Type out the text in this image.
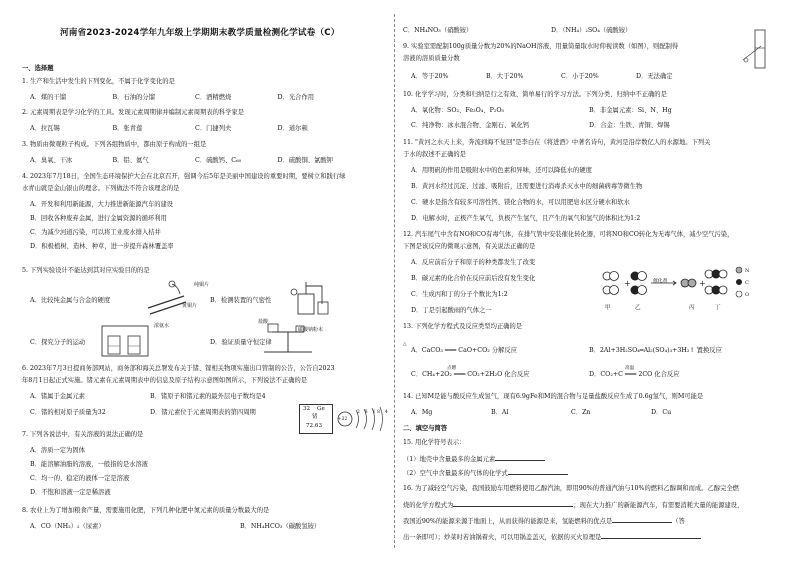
河南省2023-2024学年九年级上学期期末教学质量检测化学试卷（C）
一、选择题
1. 生产和生活中发生的下列变化，不属于化学变化的是
A．煤的干馏	B．石油的分馏	C．酒精燃烧	D．光合作用
2. 元素周期表是学习化学的工具。发现元素周期律并编制元素周期表的科学家是
A．拉瓦锡	B．张青莲	C．门捷列夫	D．道尔顿
3. 物质由微观粒子构成。下列各组物质中，都由原子构成的一组是
A．臭氧、干冰	B．铝、氦气	C．硫酸钙、C₆₀	D．硫酸铜、氯酸钾
4. 2023年7月18日，全国生态环境保护大会在北京召开，强调今后5年是美丽中国建设的重要时期，要树立和践行绿
水青山就是金山银山的理念。下列做法不符合该理念的是
A．开发和利用新能源，大力推进新能源汽车的建设
B．回收各种废弃金属，进行金属资源的循环利用
C．为减少河道污染，可以将工业废水排入桔井
D．积极植树、造林、种草，进一步提升森林覆盖率
5. 下列实验设计不能达到其对应实验目的的是
纯铜片
黄铜片
A．比较纯金属与合金的硬度	B．检测装置的气密性
浓氨水
C．探究分子的运动
盐酸
碳酸钠粉末
D．验证质量守恒定律
6. 2023年7月3日提商务部网站，商务部和海关总署发布关于锗、镓相关物项实施出口管制的公告，公告自2023
年8月1日起正式实施。锗元素在元素周期表中的信息及原子结构示意图如图所示，下列说法不正确的是
A．锗属于金属元素	B．锗原子和锗元素的最外层电子数均是4
C．锗的相对原子质量为32	D．锗元素位于元素周期表的第四周期	32 Ge
锗
72.63
+32
2 8 18 4
7. 下列各说法中，有关溶液的说法正确的是
A．溶质一定为固体
B．能溶解油脂的溶液，一般指的是水溶液
C．均一的、稳定的液体一定是溶液
D．不饱和溶液一定是稀溶液
8. 农业上为了增加粮食产量，需要施用化肥，下列几种化肥中氮元素的质量分数最大的是
A．CO（NH₂）₂（尿素）	B．NH₄HCO₃（碳酸氢铵）
C．NH₄NO₃（硝酸铵）	D．（NH₄）₂SO₄（硫酸铵）
9. 实验室需配制100g质量分数为20%的NaOH溶液，用量筒量取水时仰视读数（如图），则配制得
溶液的溶质质量分数
A．等于20%	B．大于20%	C．小于20%	D．无法确定
10. 化学学习时，分类和归纳是行之有效、简单易行的学习方法。下列分类、归纳中不正确的是
A．氧化物：SO₂、Fe₃O₄、P₂O₅	B．非金属元素：Si、N、Hg
C．纯净物：冰水混合物、金刚石、氧化钙	D．合金：生铁、青铜、焊锡
11. "黄河之水天上来，奔流到海不复回"是李白在《将进酒》中著名诗句，黄河是沿岸数亿人的水源地。下列关
于水的叙述不正确的是
A．用明矾的作用是吸附水中的色素和异味，还可以降低水的硬度
B．黄河水经过沉淀、过滤、吸附后，还需要进行消毒杀灭水中的细菌病毒等微生物
C．硬水是指含有较多可溶性钙、镁化合物的水，可以用肥皂水区分硬水和软水
D．电解水时，正极产生氧气，负极产生氢气，且产生的氧气和氢气的体积比为1:2
12. 汽车尾气中含有NO和CO有毒气体，在排气管中安装催化转化器，可将NO和CO转化为无毒气体，减少空气污染，
下图是该反应的微观示意图，有关说法正确的是
A．反应前后分子和原子的种类都发生了改变
B．碳元素的化合价在反应前后没有发生变化
C．生成丙和丁的分子个数比为1:2
D．丁是引起酸雨的气体之一
+	+
催化剂
甲	乙	丙	丁
N
C
O
13. 下列化学方程式及反应类型均正确的是
△
A．CaCO₃ ═══ CaO+CO₂ 分解反应	B．2Al+3H₂SO₄═Al₂(SO₄)₃+3H₂↑ 置换反应
点燃
C．CH₄+2O₂ ═══ CO₂+2H₂O 化合反应
高温
D．CO₂+C ═══ 2CO 化合反应
14. 已知M是能与酸反应生成氢气，现有6.9gFe和M的混合物与足量盐酸反应生成了0.6g氢气，则M可能是
A．Mg	B．Al	C．Zn	D．Cu
二、填空与简答
15. 用化学符号表示：
（1）地壳中含量最多的金属元素
（2）空气中含量最多的气体的化学式
16. 为了减轻空气污染，我国鼓励车用燃料使用乙醇汽油，即用90%的普通汽油与10%的燃料乙醇调和而成。乙醇完全燃
烧的化学方程式为	；现在大力推广的新能源汽车，有需要消耗大量的能源建设，
我国近90%的能源来源于地面上，从而获得的能源是来，氢能燃料的优点是	（答
出一条即可）；炒菜时若油锅着火，可以用锅盖盖灭，依据的灭火原理是
